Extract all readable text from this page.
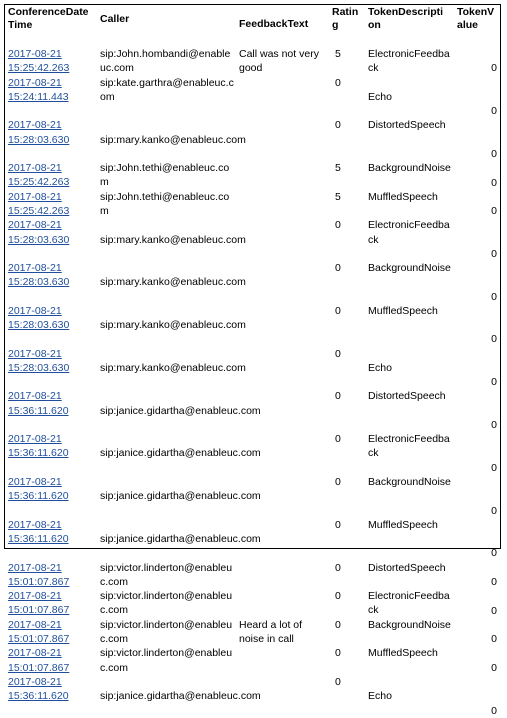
ConferenceDate Time	Caller	FeedbackText	Ratin g	TokenDescripti on	TokenV alue

2017-08-21
15:25:42.263	sip:John.hombandi@enableuc.com	Call was not very good	5	ElectronicFeedback	0

2017-08-21
15:24:11.443	sip:kate.garthra@enableuc.com		0	Echo	0

2017-08-21
15:28:03.630	sip:mary.kanko@enableuc.com		0	DistortedSpeech	0

2017-08-21
15:25:42.263	sip:John.tethi@enableuc.com		5	BackgroundNoise	0

2017-08-21
15:25:42.263	sip:John.tethi@enableuc.com		5	MuffledSpeech	0

2017-08-21
15:28:03.630	sip:mary.kanko@enableuc.com		0	ElectronicFeedback	0

2017-08-21
15:28:03.630	sip:mary.kanko@enableuc.com		0	BackgroundNoise	0

2017-08-21
15:28:03.630	sip:mary.kanko@enableuc.com		0	MuffledSpeech	0

2017-08-21
15:28:03.630	sip:mary.kanko@enableuc.com		0	Echo	0

2017-08-21
15:36:11.620	sip:janice.gidartha@enableuc.com		0	DistortedSpeech	0

2017-08-21
15:36:11.620	sip:janice.gidartha@enableuc.com		0	ElectronicFeedback	0

2017-08-21
15:36:11.620	sip:janice.gidartha@enableuc.com		0	BackgroundNoise	0

2017-08-21
15:36:11.620	sip:janice.gidartha@enableuc.com		0	MuffledSpeech	0

2017-08-21
15:01:07.867	sip:victor.linderton@enableuc.com		0	DistortedSpeech	0

2017-08-21
15:01:07.867	sip:victor.linderton@enableuc.com		0	ElectronicFeedback	0

2017-08-21
15:01:07.867	sip:victor.linderton@enableuc.com	Heard a lot of noise in call	0	BackgroundNoise	0

2017-08-21
15:01:07.867	sip:victor.linderton@enableuc.com		0	MuffledSpeech	0

2017-08-21
15:36:11.620	sip:janice.gidartha@enableuc.com		0	Echo	0
